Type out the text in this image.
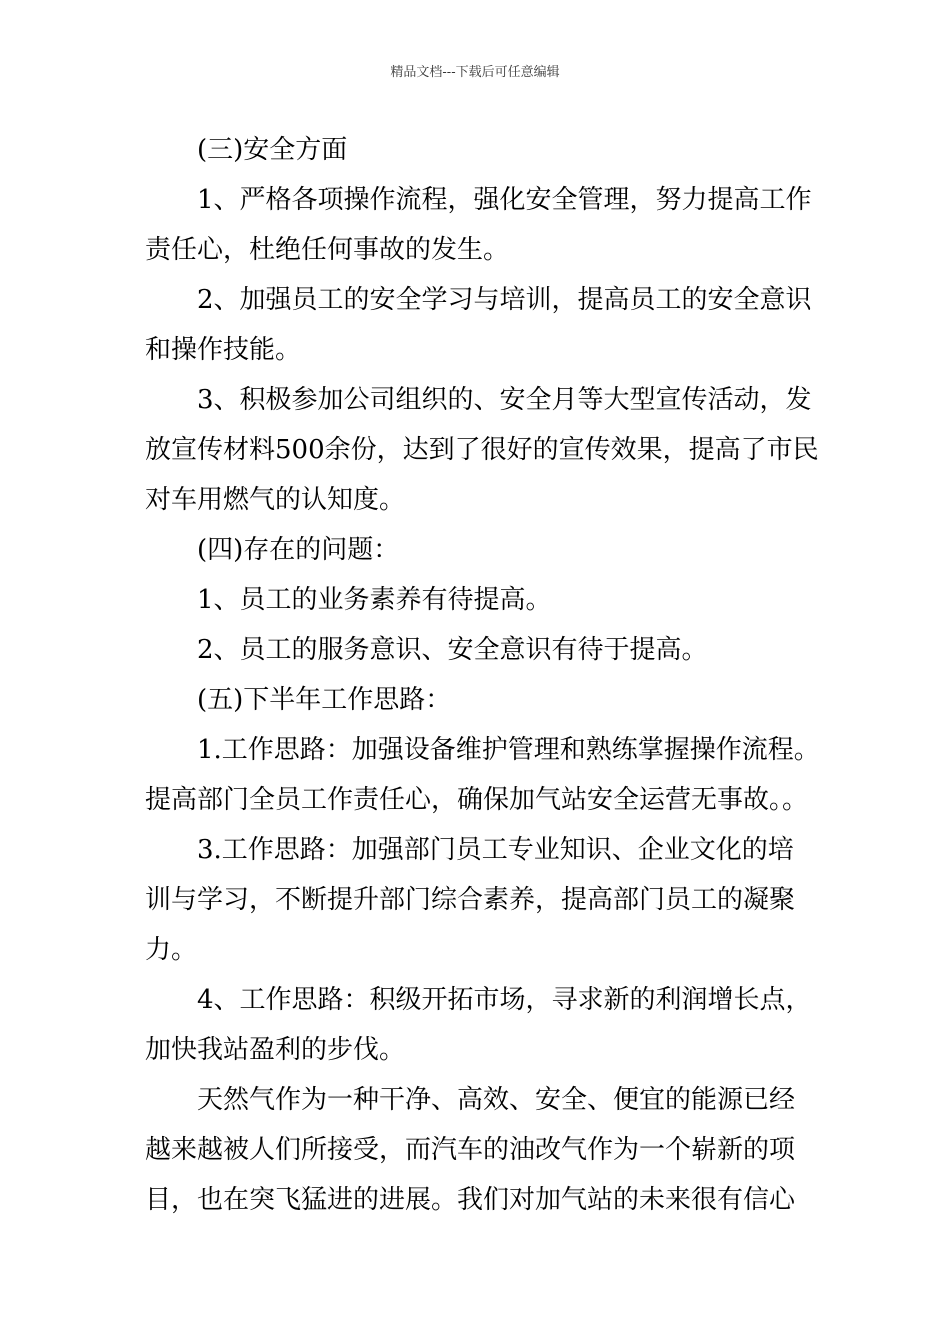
精品文档---下载后可任意编辑

(三)安全方面

1、严格各项操作流程，强化安全管理，努力提高工作
责任心，杜绝任何事故的发生。

2、加强员工的安全学习与培训，提高员工的安全意识
和操作技能。

3、积极参加公司组织的、安全月等大型宣传活动，发
放宣传材料500余份，达到了很好的宣传效果，提高了市民
对车用燃气的认知度。

(四)存在的问题：

1、员工的业务素养有待提高。

2、员工的服务意识、安全意识有待于提高。

(五)下半年工作思路：

1.工作思路：加强设备维护管理和熟练掌握操作流程。
提高部门全员工作责任心，确保加气站安全运营无事故。。

3.工作思路：加强部门员工专业知识、企业文化的培
训与学习，不断提升部门综合素养，提高部门员工的凝聚
力。

4、工作思路：积级开拓市场，寻求新的利润增长点，
加快我站盈利的步伐。

天然气作为一种干净、高效、安全、便宜的能源已经
越来越被人们所接受，而汽车的油改气作为一个崭新的项
目，也在突飞猛进的进展。我们对加气站的未来很有信心
